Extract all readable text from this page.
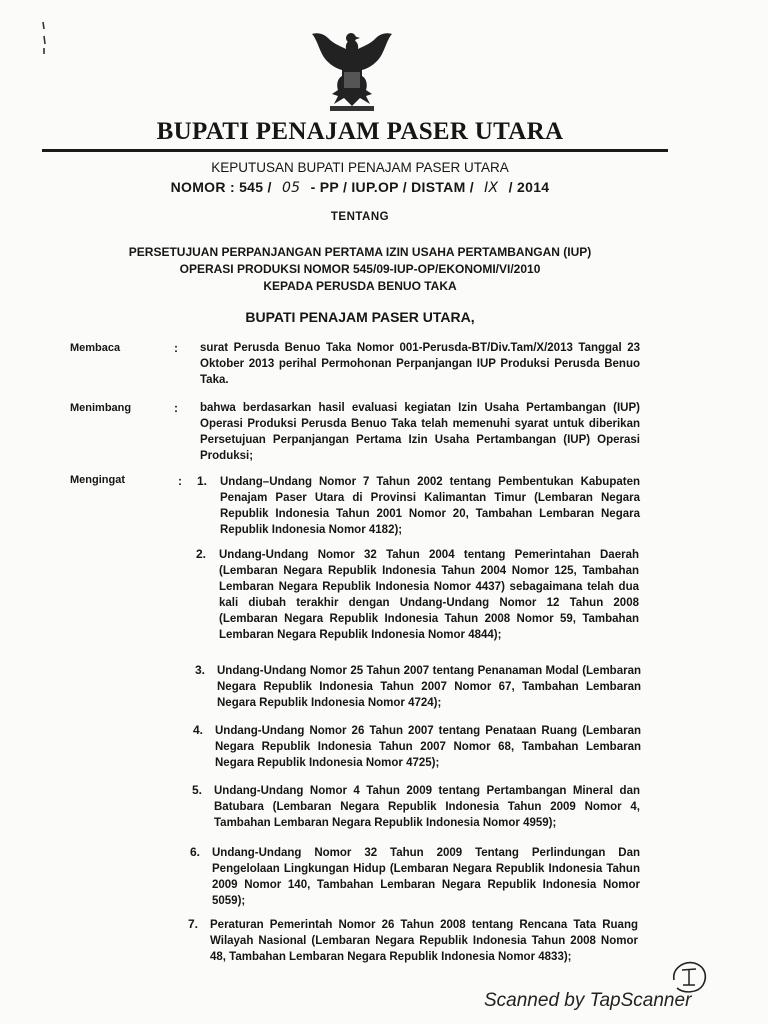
BUPATI PENAJAM PASER UTARA
KEPUTUSAN BUPATI PENAJAM PASER UTARA
NOMOR : 545 / 05 - PP / IUP.OP / DISTAM / IX / 2014
TENTANG
PERSETUJUAN PERPANJANGAN PERTAMA IZIN USAHA PERTAMBANGAN (IUP)
OPERASI PRODUKSI NOMOR 545/09-IUP-OP/EKONOMI/VI/2010
KEPADA PERUSDA BENUO TAKA
BUPATI PENAJAM PASER UTARA,
Membaca	: surat Perusda Benuo Taka Nomor 001-Perusda-BT/Div.Tam/X/2013 Tanggal 23 Oktober 2013 perihal Permohonan Perpanjangan IUP Produksi Perusda Benuo Taka.
Menimbang	: bahwa berdasarkan hasil evaluasi kegiatan Izin Usaha Pertambangan (IUP) Operasi Produksi Perusda Benuo Taka telah memenuhi syarat untuk diberikan Persetujuan Perpanjangan Pertama Izin Usaha Pertambangan (IUP) Operasi Produksi;
Mengingat	: 1. Undang–Undang Nomor 7 Tahun 2002 tentang Pembentukan Kabupaten Penajam Paser Utara di Provinsi Kalimantan Timur (Lembaran Negara Republik Indonesia Tahun 2001 Nomor 20, Tambahan Lembaran Negara Republik Indonesia Nomor 4182);
2. Undang-Undang Nomor 32 Tahun 2004 tentang Pemerintahan Daerah (Lembaran Negara Republik Indonesia Tahun 2004 Nomor 125, Tambahan Lembaran Negara Republik Indonesia Nomor 4437) sebagaimana telah dua kali diubah terakhir dengan Undang-Undang Nomor 12 Tahun 2008 (Lembaran Negara Republik Indonesia Tahun 2008 Nomor 59, Tambahan Lembaran Negara Republik Indonesia Nomor 4844);
3. Undang-Undang Nomor 25 Tahun 2007 tentang Penanaman Modal (Lembaran Negara Republik Indonesia Tahun 2007 Nomor 67, Tambahan Lembaran Negara Republik Indonesia Nomor 4724);
4. Undang-Undang Nomor 26 Tahun 2007 tentang Penataan Ruang (Lembaran Negara Republik Indonesia Tahun 2007 Nomor 68, Tambahan Lembaran Negara Republik Indonesia Nomor 4725);
5. Undang-Undang Nomor 4 Tahun 2009 tentang Pertambangan Mineral dan Batubara (Lembaran Negara Republik Indonesia Tahun 2009 Nomor 4, Tambahan Lembaran Negara Republik Indonesia Nomor 4959);
6. Undang-Undang Nomor 32 Tahun 2009 Tentang Perlindungan Dan Pengelolaan Lingkungan Hidup (Lembaran Negara Republik Indonesia Tahun 2009 Nomor 140, Tambahan Lembaran Negara Republik Indonesia Nomor 5059);
7. Peraturan Pemerintah Nomor 26 Tahun 2008 tentang Rencana Tata Ruang Wilayah Nasional (Lembaran Negara Republik Indonesia Tahun 2008 Nomor 48, Tambahan Lembaran Negara Republik Indonesia Nomor 4833);
Scanned by TapScanner
